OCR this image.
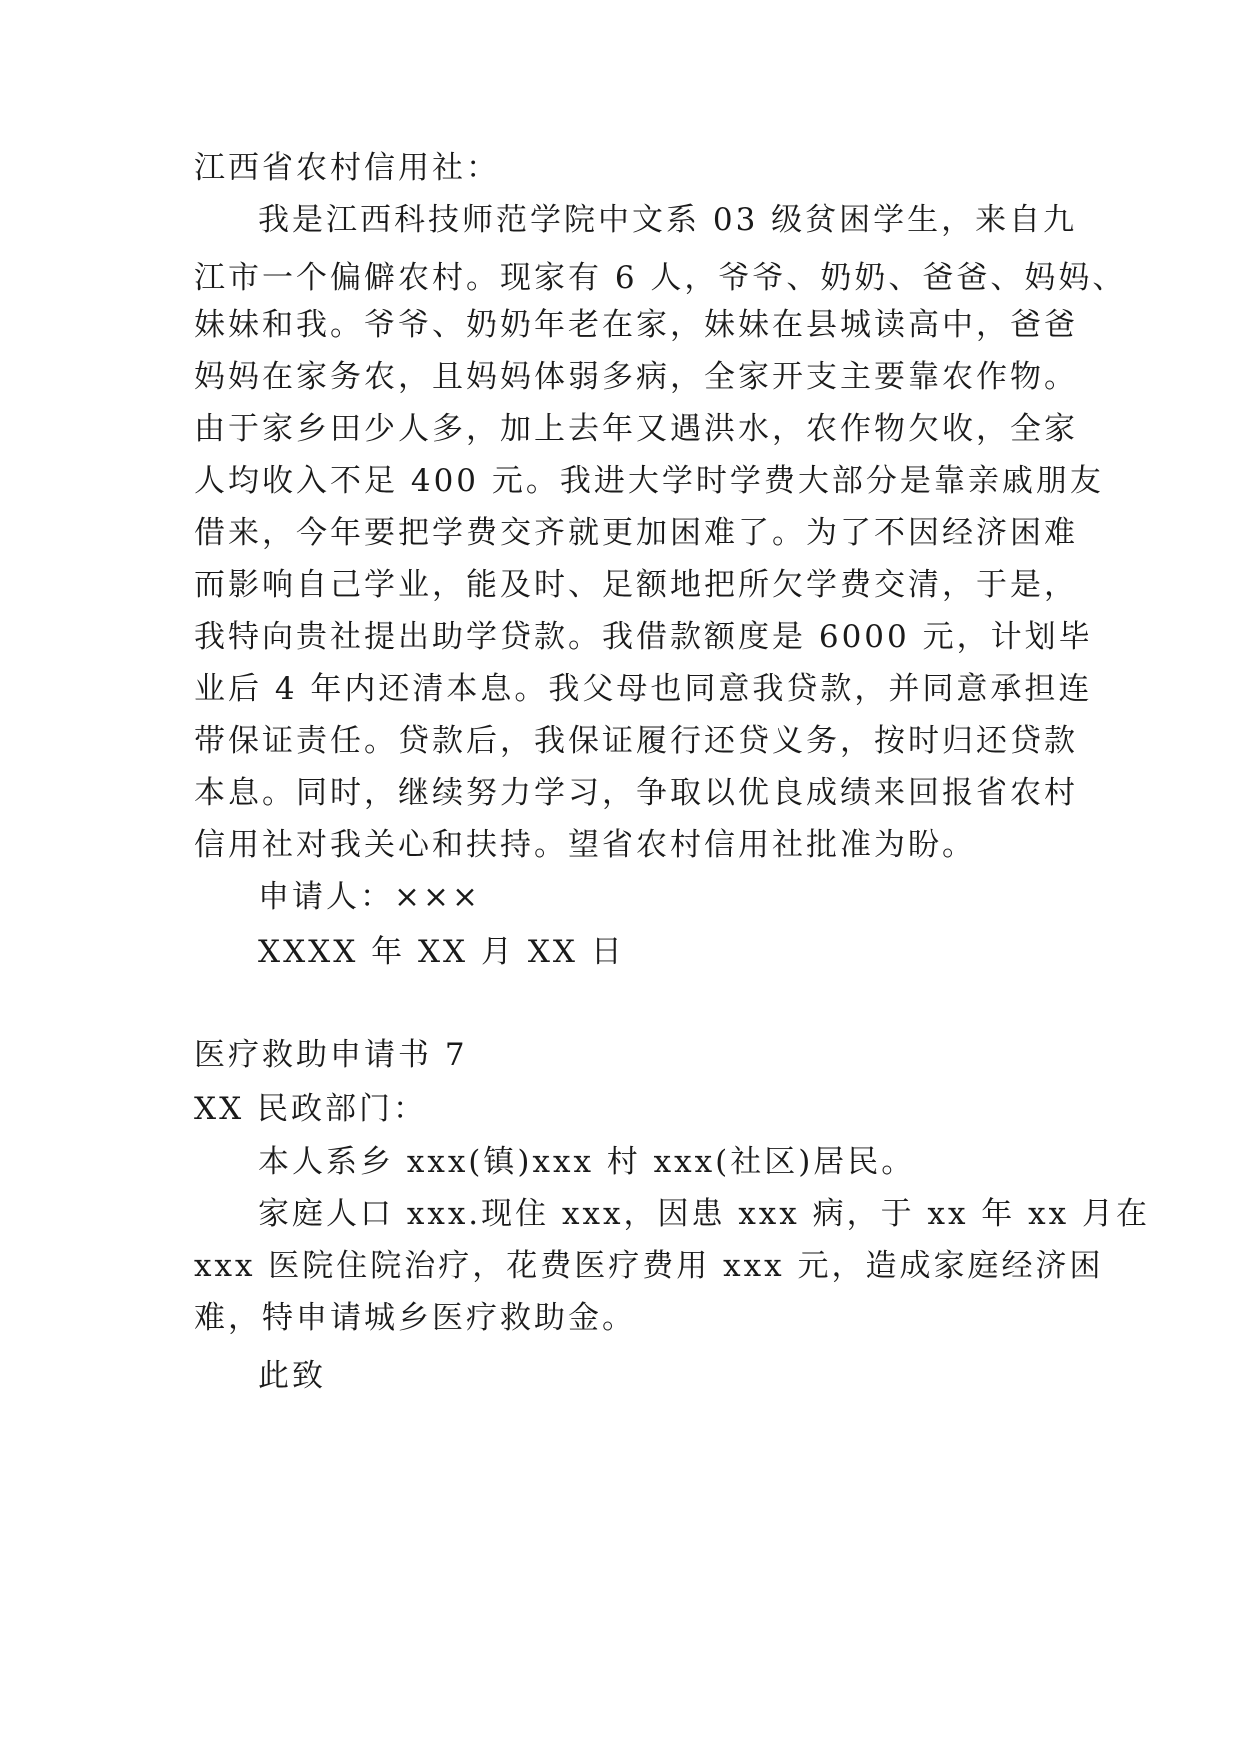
江西省农村信用社：

我是江西科技师范学院中文系 03 级贫困学生，来自九

江市一个偏僻农村。现家有 6 人，爷爷、奶奶、爸爸、妈妈、

妹妹和我。爷爷、奶奶年老在家，妹妹在县城读高中，爸爸

妈妈在家务农，且妈妈体弱多病，全家开支主要靠农作物。

由于家乡田少人多，加上去年又遇洪水，农作物欠收，全家

人均收入不足 400 元。我进大学时学费大部分是靠亲戚朋友

借来，今年要把学费交齐就更加困难了。为了不因经济困难

而影响自己学业，能及时、足额地把所欠学费交清，于是，

我特向贵社提出助学贷款。我借款额度是 6000 元，计划毕

业后 4 年内还清本息。我父母也同意我贷款，并同意承担连

带保证责任。贷款后，我保证履行还贷义务，按时归还贷款

本息。同时，继续努力学习，争取以优良成绩来回报省农村

信用社对我关心和扶持。望省农村信用社批准为盼。

申请人：×××

XXXX 年 XX 月 XX 日

医疗救助申请书 7

XX 民政部门：

本人系乡 xxx(镇)xxx 村 xxx(社区)居民。

家庭人口 xxx.现住 xxx，因患 xxx 病，于 xx 年 xx 月在

xxx 医院住院治疗，花费医疗费用 xxx 元，造成家庭经济困

难，特申请城乡医疗救助金。

此致
